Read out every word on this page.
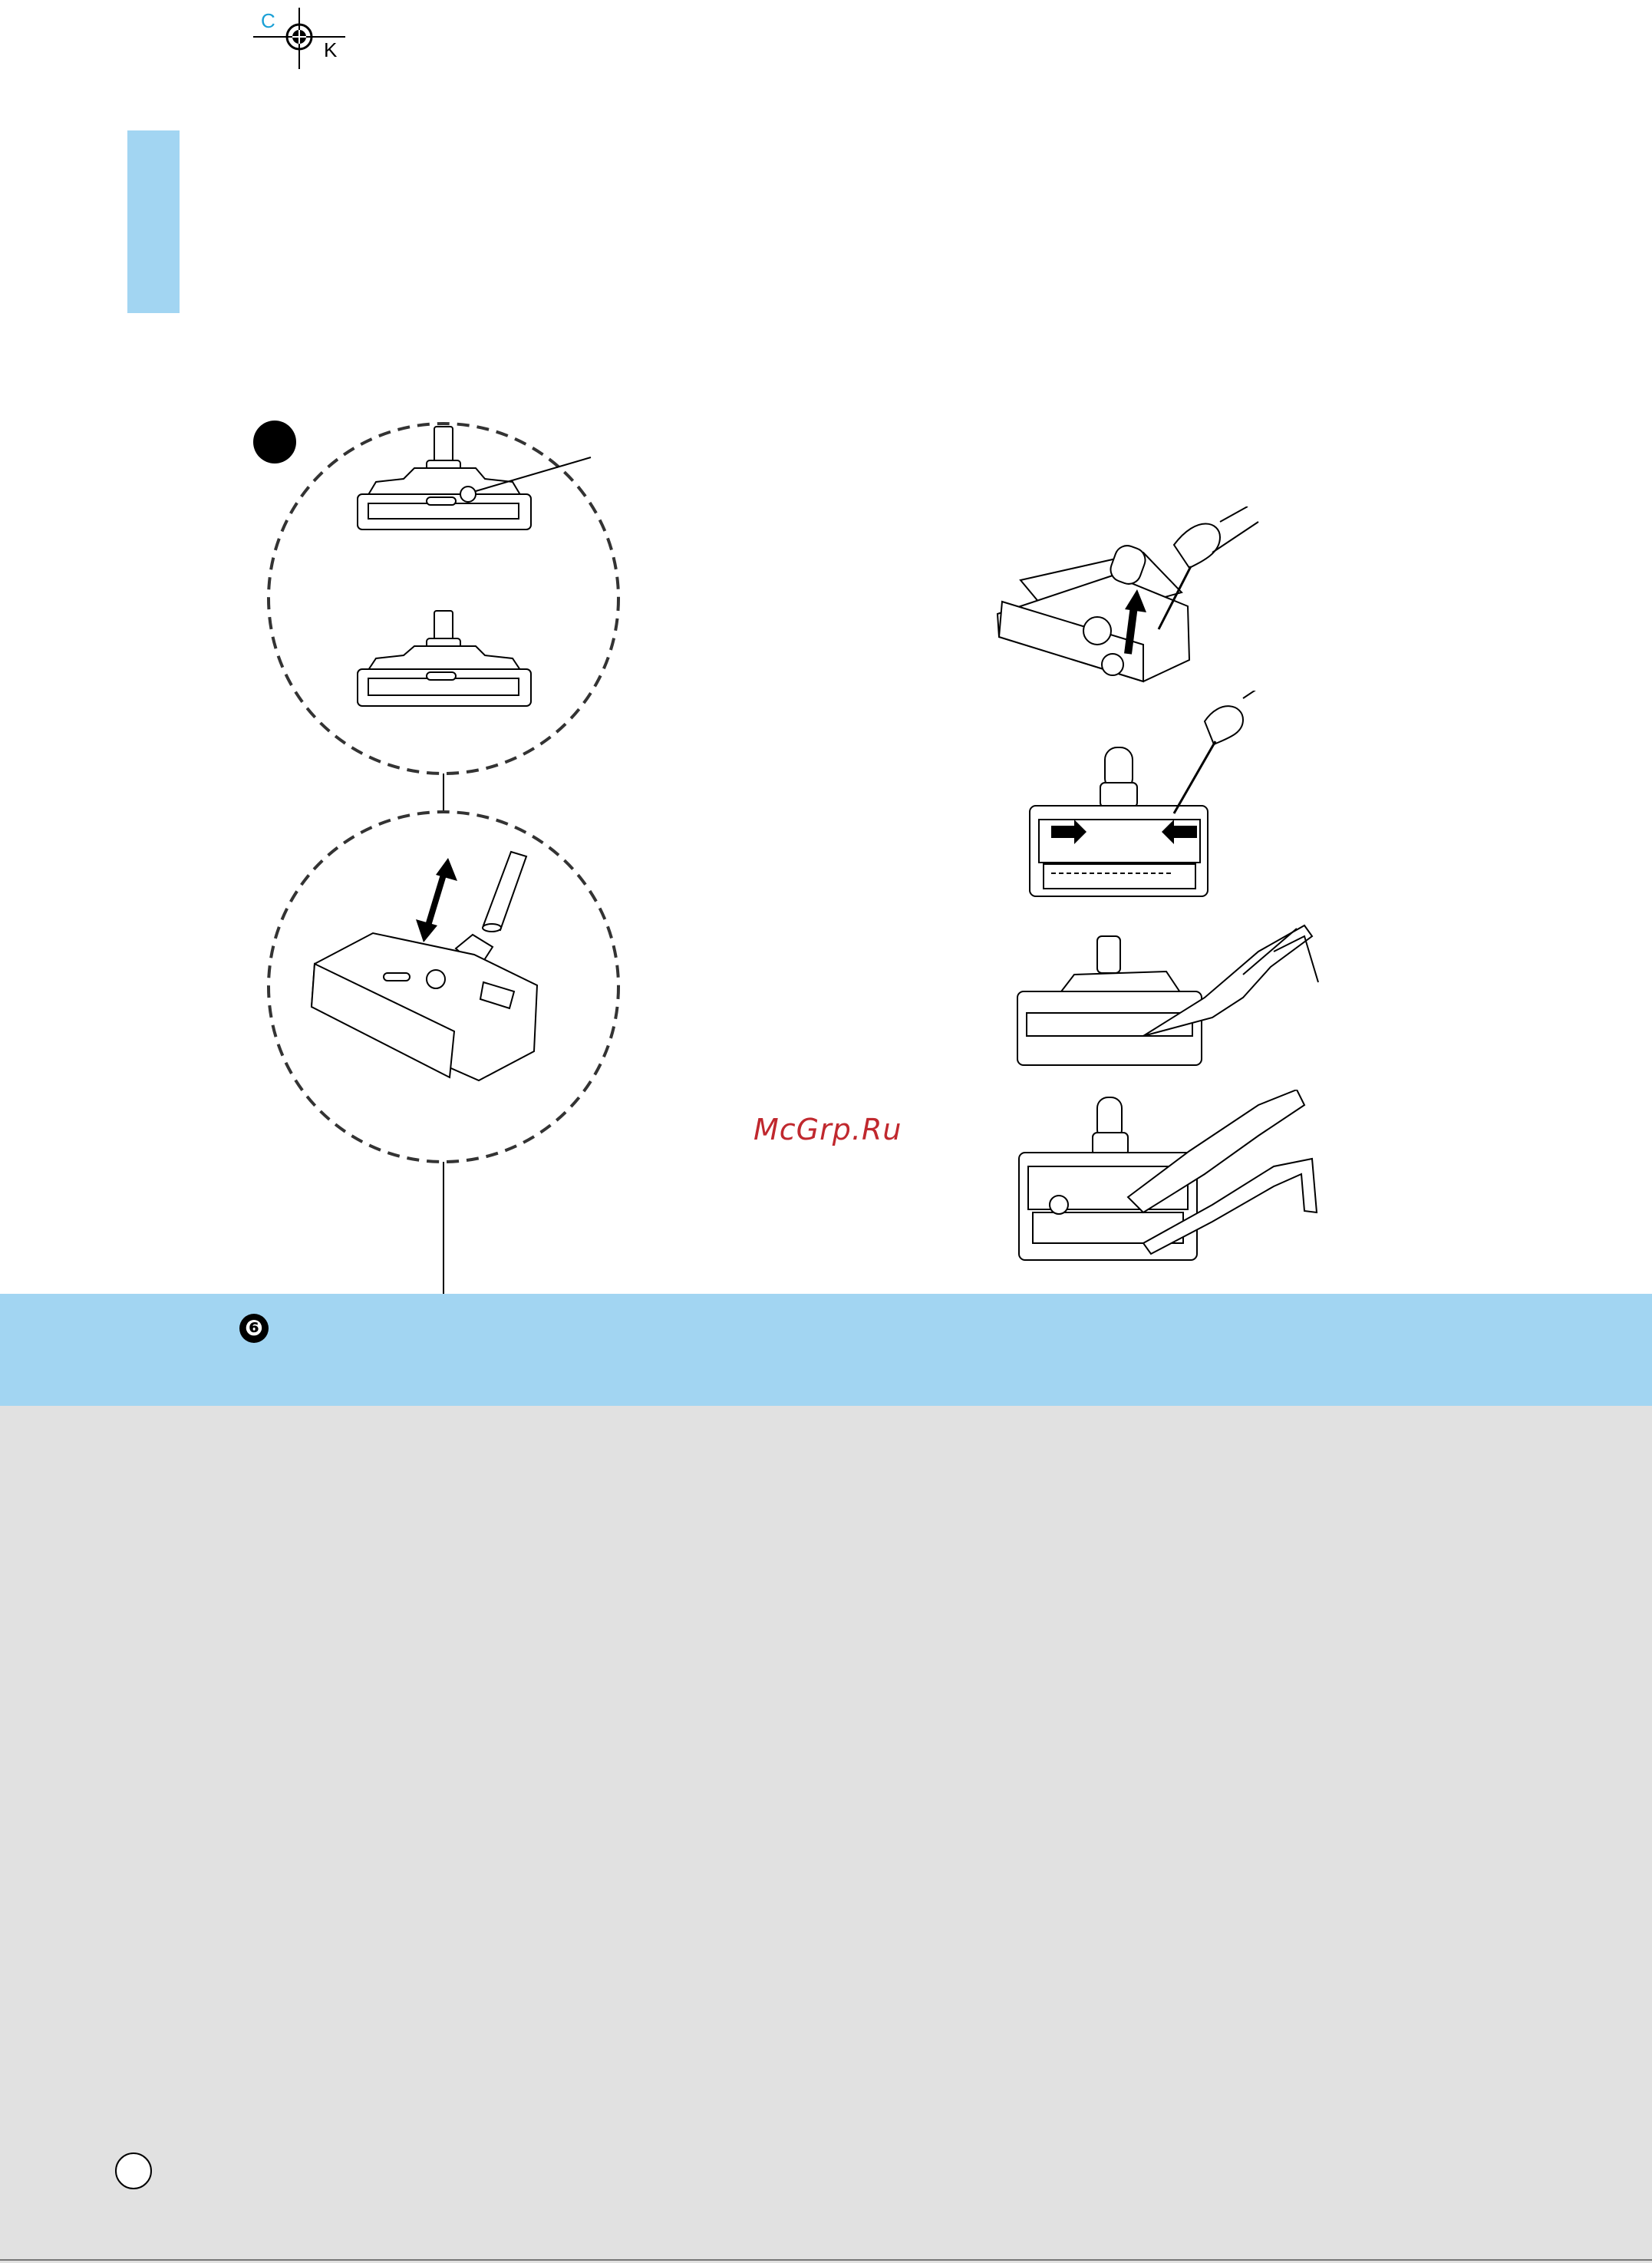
C
K
McGrp.Ru
❻
